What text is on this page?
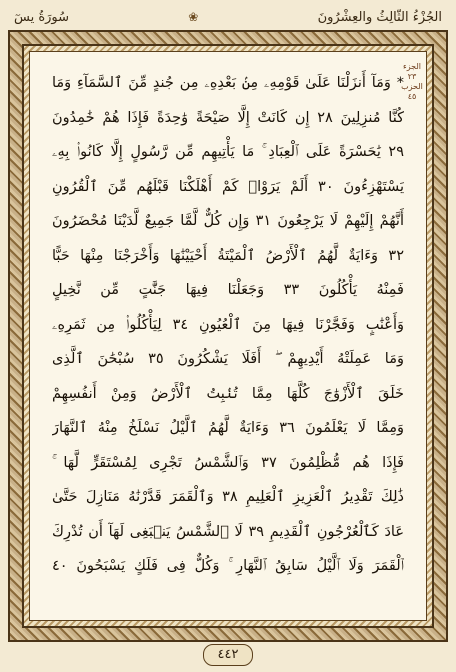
الجُزْءُ الثّالِثُ والعِشْرُونَ
❀
سُورَةُ يسٓ
الجزء ٢٣
الحزب ٤٥
* وَمَآ أَنزَلْنَا عَلَىٰ قَوْمِهِۦ مِنۢ بَعْدِهِۦ مِن جُندٍ مِّنَ ٱلسَّمَآءِ وَمَا
كُنَّا مُنزِلِينَ ٢٨ إِن كَانَتْ إِلَّا صَيْحَةً وَٰحِدَةً فَإِذَا هُمْ خَٰمِدُونَ
٢٩ يَٰحَسْرَةً عَلَى ٱلْعِبَادِ ۚ مَا يَأْتِيهِم مِّن رَّسُولٍ إِلَّا كَانُوا۟ بِهِۦ
يَسْتَهْزِءُونَ ٣٠ أَلَمْ يَرَوْا۟ كَمْ أَهْلَكْنَا قَبْلَهُم مِّنَ ٱلْقُرُونِ
أَنَّهُمْ إِلَيْهِمْ لَا يَرْجِعُونَ ٣١ وَإِن كُلٌّ لَّمَّا جَمِيعٌ لَّدَيْنَا مُحْضَرُونَ
٣٢ وَءَايَةٌ لَّهُمُ ٱلْأَرْضُ ٱلْمَيْتَةُ أَحْيَيْنَٰهَا وَأَخْرَجْنَا مِنْهَا حَبًّا
فَمِنْهُ يَأْكُلُونَ ٣٣ وَجَعَلْنَا فِيهَا جَنَّٰتٍ مِّن نَّخِيلٍ
وَأَعْنَٰبٍ وَفَجَّرْنَا فِيهَا مِنَ ٱلْعُيُونِ ٣٤ لِيَأْكُلُوا۟ مِن ثَمَرِهِۦ
وَمَا عَمِلَتْهُ أَيْدِيهِمْ ۖ أَفَلَا يَشْكُرُونَ ٣٥ سُبْحَٰنَ ٱلَّذِى
خَلَقَ ٱلْأَزْوَٰجَ كُلَّهَا مِمَّا تُنۢبِتُ ٱلْأَرْضُ وَمِنْ أَنفُسِهِمْ
وَمِمَّا لَا يَعْلَمُونَ ٣٦ وَءَايَةٌ لَّهُمُ ٱلَّيْلُ نَسْلَخُ مِنْهُ ٱلنَّهَارَ
فَإِذَا هُم مُّظْلِمُونَ ٣٧ وَٱلشَّمْسُ تَجْرِى لِمُسْتَقَرٍّ لَّهَا ۚ
ذَٰلِكَ تَقْدِيرُ ٱلْعَزِيزِ ٱلْعَلِيمِ ٣٨ وَٱلْقَمَرَ قَدَّرْنَٰهُ مَنَازِلَ حَتَّىٰ
عَادَ كَٱلْعُرْجُونِ ٱلْقَدِيمِ ٣٩ لَا ٱلشَّمْسُ يَنۢبَغِى لَهَآ أَن تُدْرِكَ
ٱلْقَمَرَ وَلَا ٱلَّيْلُ سَابِقُ ٱلنَّهَارِ ۚ وَكُلٌّ فِى فَلَكٍ يَسْبَحُونَ ٤٠
٤٤٢
